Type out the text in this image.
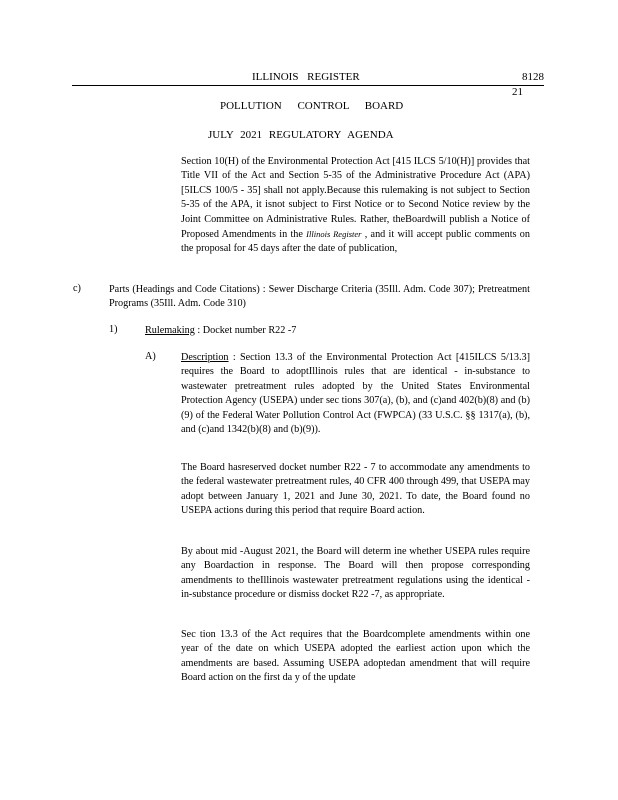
ILLINOIS REGISTER	8128
21
POLLUTION CONTROL BOARD
JULY 2021 REGULATORY AGENDA

Section 10(H) of the Environmental Protection Act [415 ILCS 5/10(H)] provides that Title VII of the Act and Section 5-35 of the Administrative Procedure Act (APA) [5ILCS 100/5 - 35] shall not apply.Because this rulemaking is not subject to Section 5-35 of the APA, it isnot subject to First Notice or to Second Notice review by the Joint Committee on Administrative Rules. Rather, theBoardwill publish a Notice of Proposed Amendments in the Illinois Register , and it will accept public comments on the proposal for 45 days after the date of publication,

c)	Parts (Headings and Code Citations) : Sewer Discharge Criteria (35Ill. Adm. Code 307); Pretreatment Programs (35Ill. Adm. Code 310)

1)	Rulemaking : Docket number R22 -7

A) Description : Section 13.3 of the Environmental Protection Act [415ILCS 5/13.3] requires the Board to adoptIllinois rules that are identical - in-substance to wastewater pretreatment rules adopted by the United States Environmental Protection Agency (USEPA) under sec tions 307(a), (b), and (c)and 402(b)(8) and (b)(9) of the Federal Water Pollution Control Act (FWPCA) (33 U.S.C. §§ 1317(a), (b), and (c)and 1342(b)(8) and (b)(9)).

The Board hasreserved docket number R22 - 7 to accommodate any amendments to the federal wastewater pretreatment rules, 40 CFR 400 through 499, that USEPA may adopt between January 1, 2021 and June 30, 2021. To date, the Board found no USEPA actions during this period that require Board action.

By about mid -August 2021, the Board will determ ine whether USEPA rules require any Boardaction in response. The Board will then propose corresponding amendments to theIllinois wastewater pretreatment regulations using the identical -in-substance procedure or dismiss docket R22 -7, as appropriate.

Sec tion 13.3 of the Act requires that the Boardcomplete amendments within one year of the date on which USEPA adopted the earliest action upon which the amendments are based. Assuming USEPA adoptedan amendment that will require Board action on the first da y of the update
